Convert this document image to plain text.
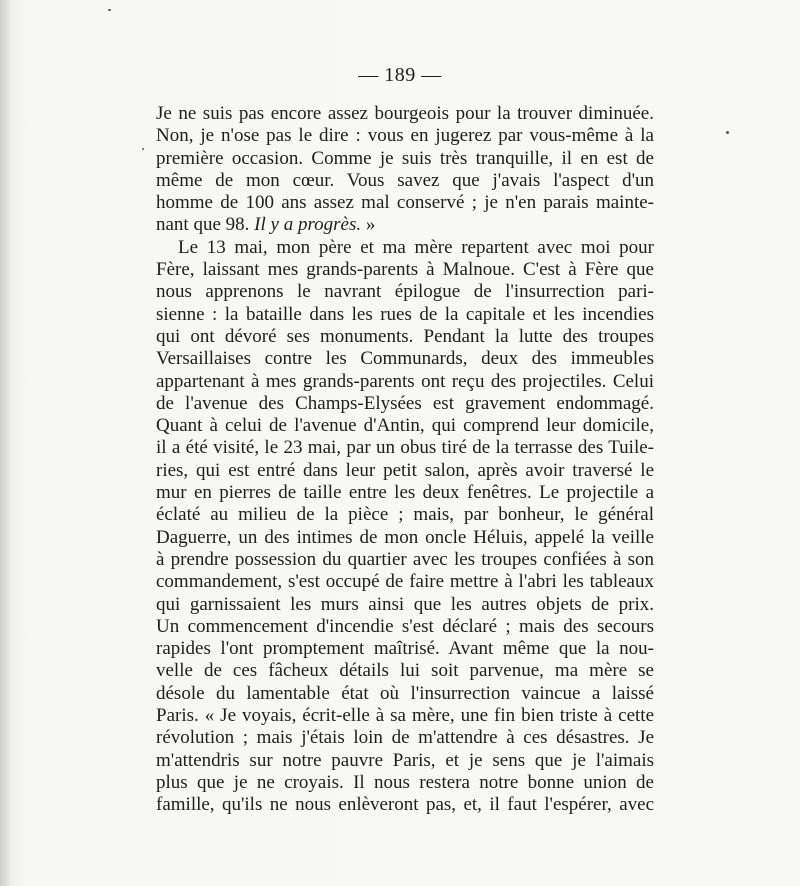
— 189 —
Je ne suis pas encore assez bourgeois pour la trouver diminuée.
Non, je n'ose pas le dire : vous en jugerez par vous-même à la
première occasion. Comme je suis très tranquille, il en est de
même de mon cœur. Vous savez que j'avais l'aspect d'un
homme de 100 ans assez mal conservé ; je n'en parais mainte-
nant que 98. Il y a progrès. »
Le 13 mai, mon père et ma mère repartent avec moi pour
Fère, laissant mes grands-parents à Malnoue. C'est à Fère que
nous apprenons le navrant épilogue de l'insurrection pari-
sienne : la bataille dans les rues de la capitale et les incendies
qui ont dévoré ses monuments. Pendant la lutte des troupes
Versaillaises contre les Communards, deux des immeubles
appartenant à mes grands-parents ont reçu des projectiles. Celui
de l'avenue des Champs-Elysées est gravement endommagé.
Quant à celui de l'avenue d'Antin, qui comprend leur domicile,
il a été visité, le 23 mai, par un obus tiré de la terrasse des Tuile-
ries, qui est entré dans leur petit salon, après avoir traversé le
mur en pierres de taille entre les deux fenêtres. Le projectile a
éclaté au milieu de la pièce ; mais, par bonheur, le général
Daguerre, un des intimes de mon oncle Héluis, appelé la veille
à prendre possession du quartier avec les troupes confiées à son
commandement, s'est occupé de faire mettre à l'abri les tableaux
qui garnissaient les murs ainsi que les autres objets de prix.
Un commencement d'incendie s'est déclaré ; mais des secours
rapides l'ont promptement maîtrisé. Avant même que la nou-
velle de ces fâcheux détails lui soit parvenue, ma mère se
désole du lamentable état où l'insurrection vaincue a laissé
Paris. « Je voyais, écrit-elle à sa mère, une fin bien triste à cette
révolution ; mais j'étais loin de m'attendre à ces désastres. Je
m'attendris sur notre pauvre Paris, et je sens que je l'aimais
plus que je ne croyais. Il nous restera notre bonne union de
famille, qu'ils ne nous enlèveront pas, et, il faut l'espérer, avec
